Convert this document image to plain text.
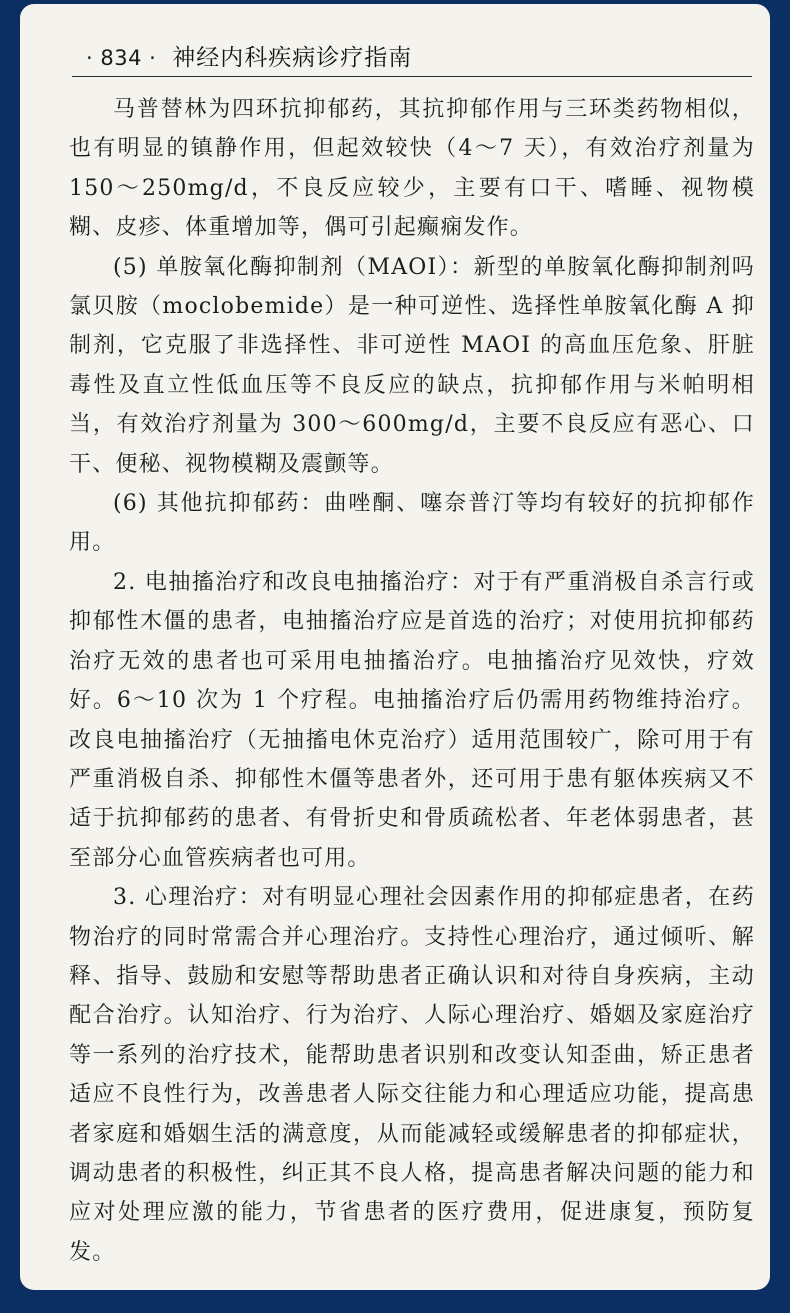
· 834 · 神经内科疾病诊疗指南

马普替林为四环抗抑郁药，其抗抑郁作用与三环类药物相似，也有明显的镇静作用，但起效较快（4～7 天），有效治疗剂量为 150～250mg/d，不良反应较少，主要有口干、嗜睡、视物模糊、皮疹、体重增加等，偶可引起癫痫发作。

(5) 单胺氧化酶抑制剂（MAOI）：新型的单胺氧化酶抑制剂吗氯贝胺（moclobemide）是一种可逆性、选择性单胺氧化酶 A 抑制剂，它克服了非选择性、非可逆性 MAOI 的高血压危象、肝脏毒性及直立性低血压等不良反应的缺点，抗抑郁作用与米帕明相当，有效治疗剂量为 300～600mg/d，主要不良反应有恶心、口干、便秘、视物模糊及震颤等。

(6) 其他抗抑郁药：曲唑酮、噻奈普汀等均有较好的抗抑郁作用。

2. 电抽搐治疗和改良电抽搐治疗：对于有严重消极自杀言行或抑郁性木僵的患者，电抽搐治疗应是首选的治疗；对使用抗抑郁药治疗无效的患者也可采用电抽搐治疗。电抽搐治疗见效快，疗效好。6～10 次为 1 个疗程。电抽搐治疗后仍需用药物维持治疗。改良电抽搐治疗（无抽搐电休克治疗）适用范围较广，除可用于有严重消极自杀、抑郁性木僵等患者外，还可用于患有躯体疾病又不适于抗抑郁药的患者、有骨折史和骨质疏松者、年老体弱患者，甚至部分心血管疾病者也可用。

3. 心理治疗：对有明显心理社会因素作用的抑郁症患者，在药物治疗的同时常需合并心理治疗。支持性心理治疗，通过倾听、解释、指导、鼓励和安慰等帮助患者正确认识和对待自身疾病，主动配合治疗。认知治疗、行为治疗、人际心理治疗、婚姻及家庭治疗等一系列的治疗技术，能帮助患者识别和改变认知歪曲，矫正患者适应不良性行为，改善患者人际交往能力和心理适应功能，提高患者家庭和婚姻生活的满意度，从而能减轻或缓解患者的抑郁症状，调动患者的积极性，纠正其不良人格，提高患者解决问题的能力和应对处理应激的能力，节省患者的医疗费用，促进康复，预防复发。
